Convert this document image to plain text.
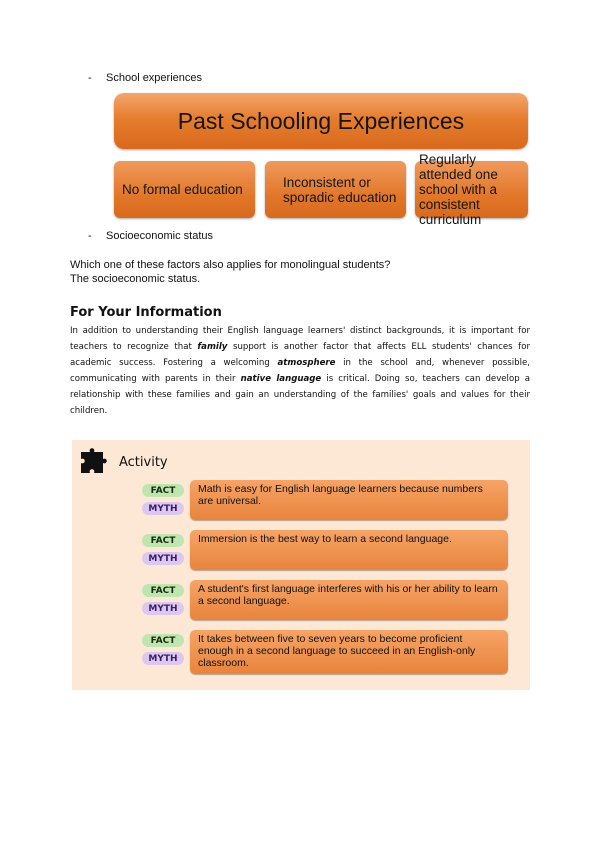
- School experiences
Past Schooling Experiences
No formal education	Inconsistent or sporadic education
Regularly attended one school with a consistent curriculum
- Socioeconomic status
Which one of these factors also applies for monolingual students?
The socioeconomic status.
For Your Information
In addition to understanding their English language learners' distinct backgrounds, it is important for teachers to recognize that family support is another factor that affects ELL students' chances for academic success. Fostering a welcoming atmosphere in the school and, whenever possible, communicating with parents in their native language is critical. Doing so, teachers can develop a relationship with these families and gain an understanding of the families' goals and values for their children.
Activity
FACT
MYTH
Math is easy for English language learners because numbers are universal.
FACT
MYTH
Immersion is the best way to learn a second language.
FACT
MYTH
A student's first language interferes with his or her ability to learn a second language.
FACT
MYTH
It takes between five to seven years to become proficient enough in a second language to succeed in an English-only classroom.
